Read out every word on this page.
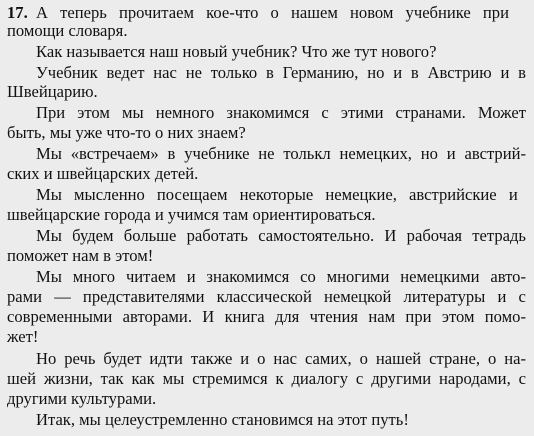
17. А теперь прочитаем кое-что о нашем новом учебнике при
помощи словаря.
Как называется наш новый учебник? Что же тут нового?
Учебник ведет нас не только в Германию, но и в Австрию и в
Швейцарию.
При этом мы немного знакомимся с этими странами. Может
быть, мы уже что-то о них знаем?
Мы «встречаем» в учебнике не толькл немецких, но и австрий-
ских и швейцарских детей.
Мы мысленно посещаем некоторые немецкие, австрийские и
швейцарские города и учимся там ориентироваться.
Мы будем больше работать самостоятельно. И рабочая тетрадь
поможет нам в этом!
Мы много читаем и знакомимся со многими немецкими авто-
рами — представителями классической немецкой литературы и с
современными авторами. И книга для чтения нам при этом помо-
жет!
Но речь будет идти также и о нас самих, о нашей стране, о на-
шей жизни, так как мы стремимся к диалогу с другими народами, с
другими культурами.
Итак, мы целеустремленно становимся на этот путь!
